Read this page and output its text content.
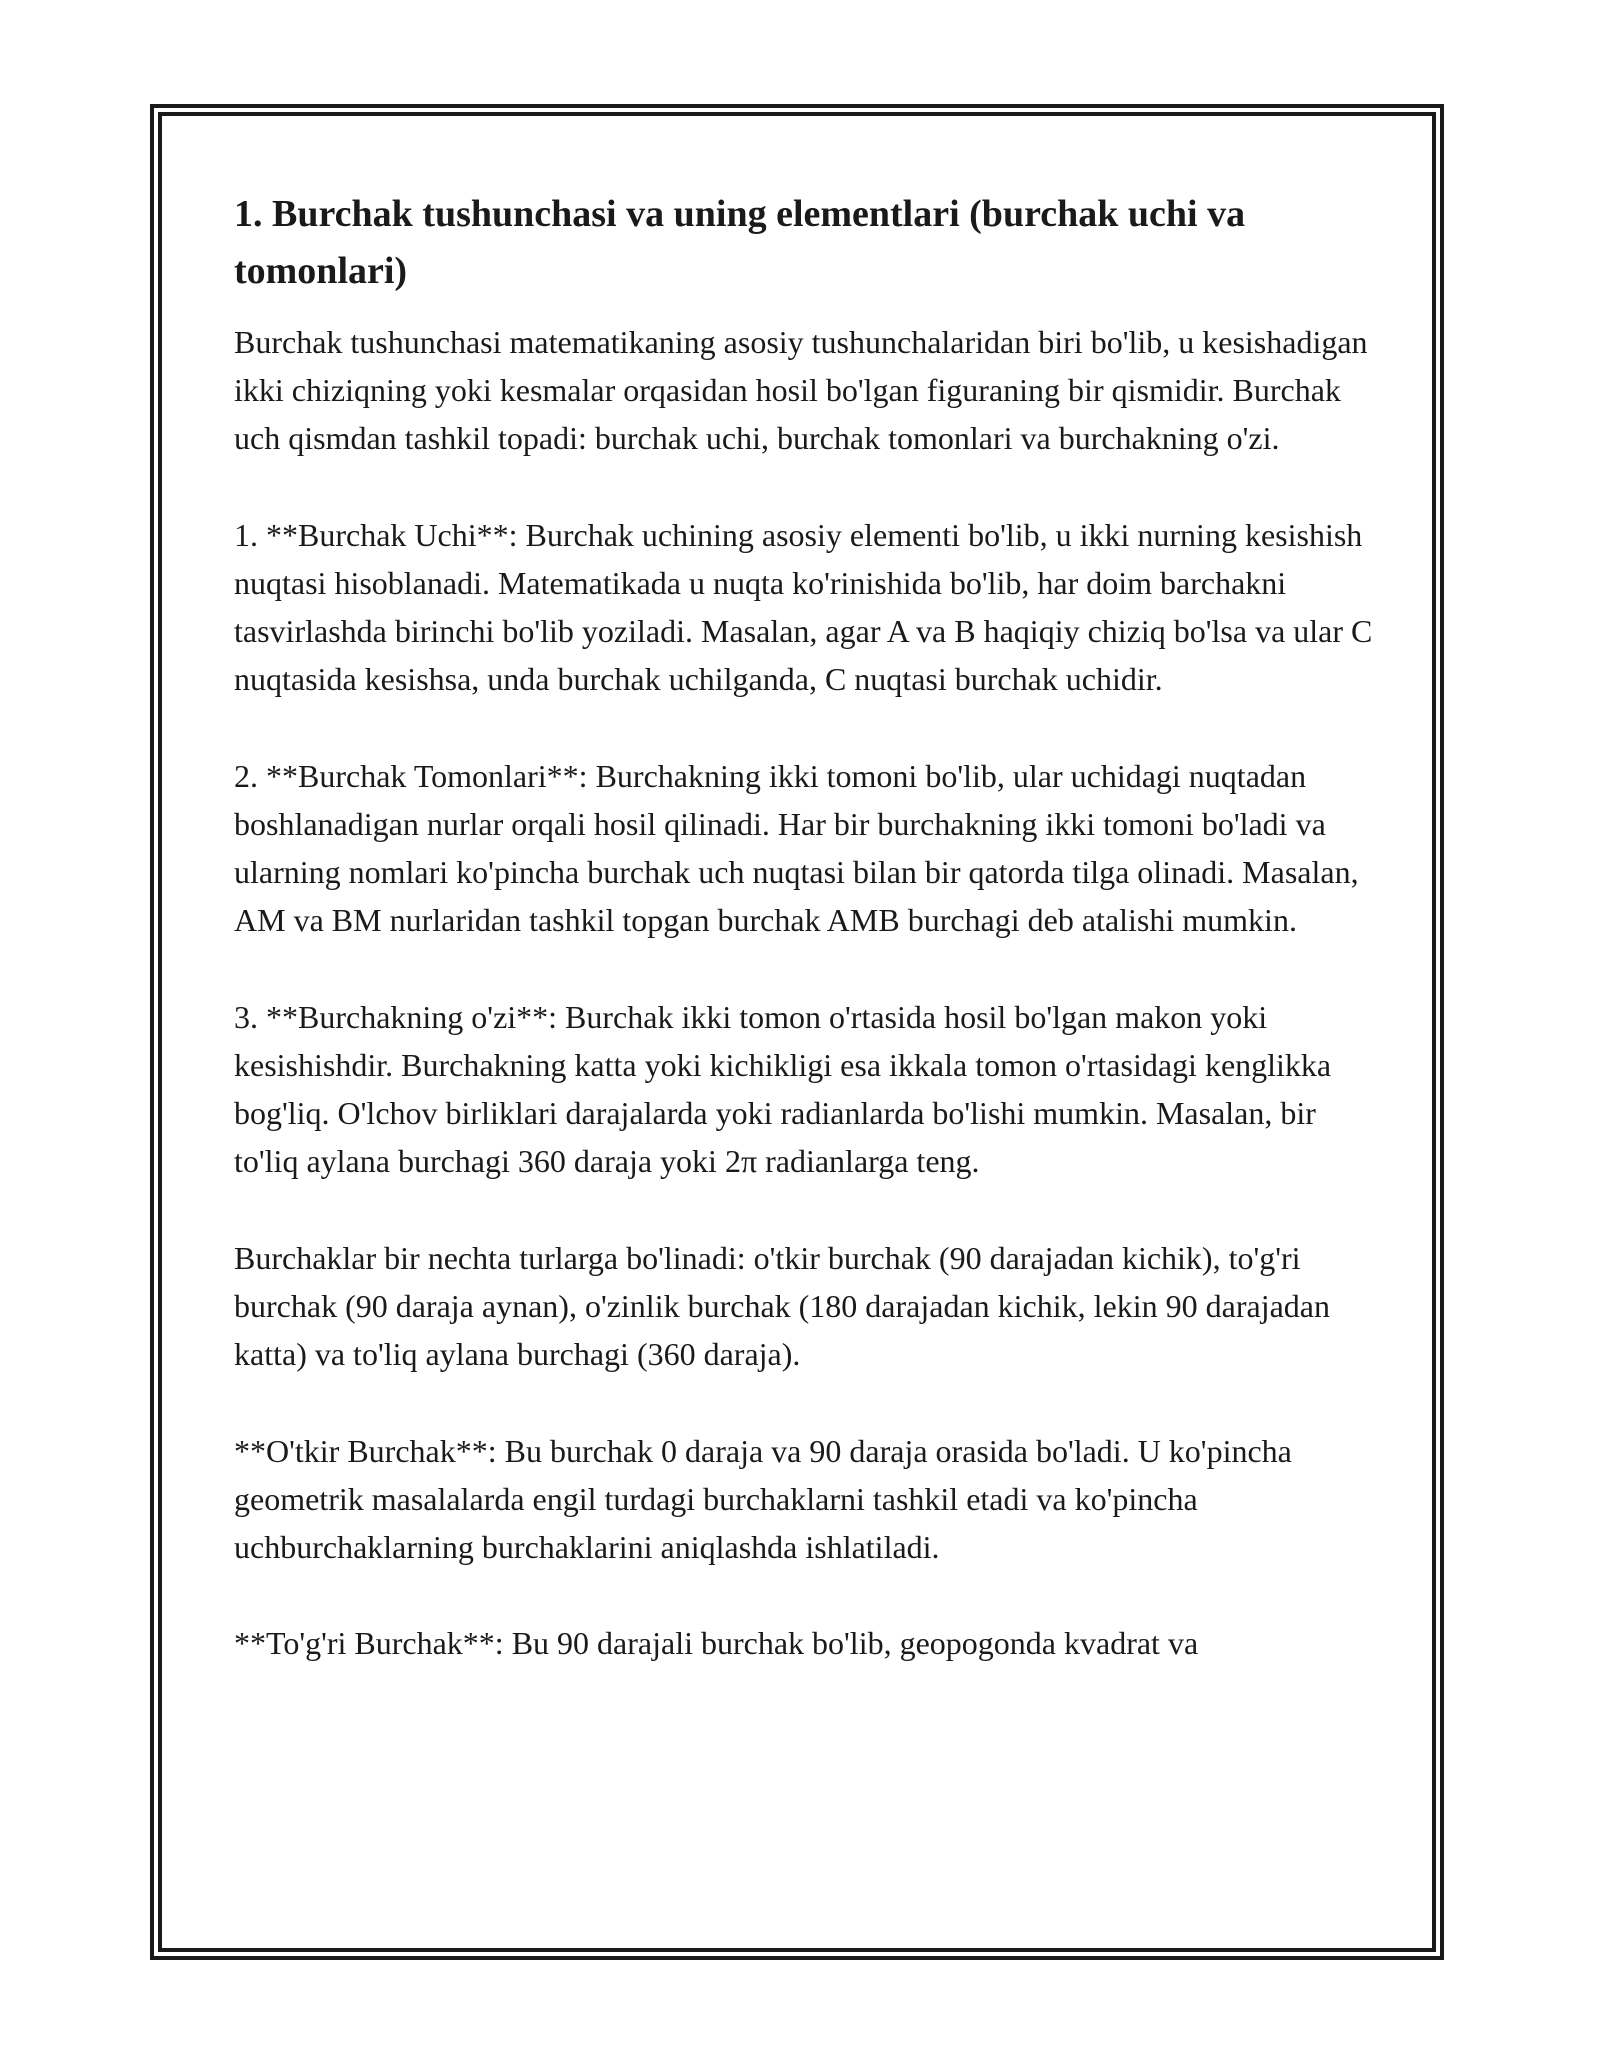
1. Burchak tushunchasi va uning elementlari (burchak uchi va tomonlari)

Burchak tushunchasi matematikaning asosiy tushunchalaridan biri bo'lib, u kesishadigan ikki chiziqning yoki kesmalar orqasidan hosil bo'lgan figuraning bir qismidir. Burchak uch qismdan tashkil topadi: burchak uchi, burchak tomonlari va burchakning o'zi.

1. **Burchak Uchi**: Burchak uchining asosiy elementi bo'lib, u ikki nurning kesishish nuqtasi hisoblanadi. Matematikada u nuqta ko'rinishida bo'lib, har doim barchakni tasvirlashda birinchi bo'lib yoziladi. Masalan, agar A va B haqiqiy chiziq bo'lsa va ular C nuqtasida kesishsa, unda burchak uchilganda, C nuqtasi burchak uchidir.

2. **Burchak Tomonlari**: Burchakning ikki tomoni bo'lib, ular uchidagi nuqtadan boshlanadigan nurlar orqali hosil qilinadi. Har bir burchakning ikki tomoni bo'ladi va ularning nomlari ko'pincha burchak uch nuqtasi bilan bir qatorda tilga olinadi. Masalan, AM va BM nurlaridan tashkil topgan burchak AMB burchagi deb atalishi mumkin.

3. **Burchakning o'zi**: Burchak ikki tomon o'rtasida hosil bo'lgan makon yoki kesishishdir. Burchakning katta yoki kichikligi esa ikkala tomon o'rtasidagi kenglikka bog'liq. O'lchov birliklari darajalarda yoki radianlarda bo'lishi mumkin. Masalan, bir to'liq aylana burchagi 360 daraja yoki 2π radianlarga teng.

Burchaklar bir nechta turlarga bo'linadi: o'tkir burchak (90 darajadan kichik), to'g'ri burchak (90 daraja aynan), o'zinlik burchak (180 darajadan kichik, lekin 90 darajadan katta) va to'liq aylana burchagi (360 daraja).

**O'tkir Burchak**: Bu burchak 0 daraja va 90 daraja orasida bo'ladi. U ko'pincha geometrik masalalarda engil turdagi burchaklarni tashkil etadi va ko'pincha uchburchaklarning burchaklarini aniqlashda ishlatiladi.

**To'g'ri Burchak**: Bu 90 darajali burchak bo'lib, geopogonda kvadrat va
